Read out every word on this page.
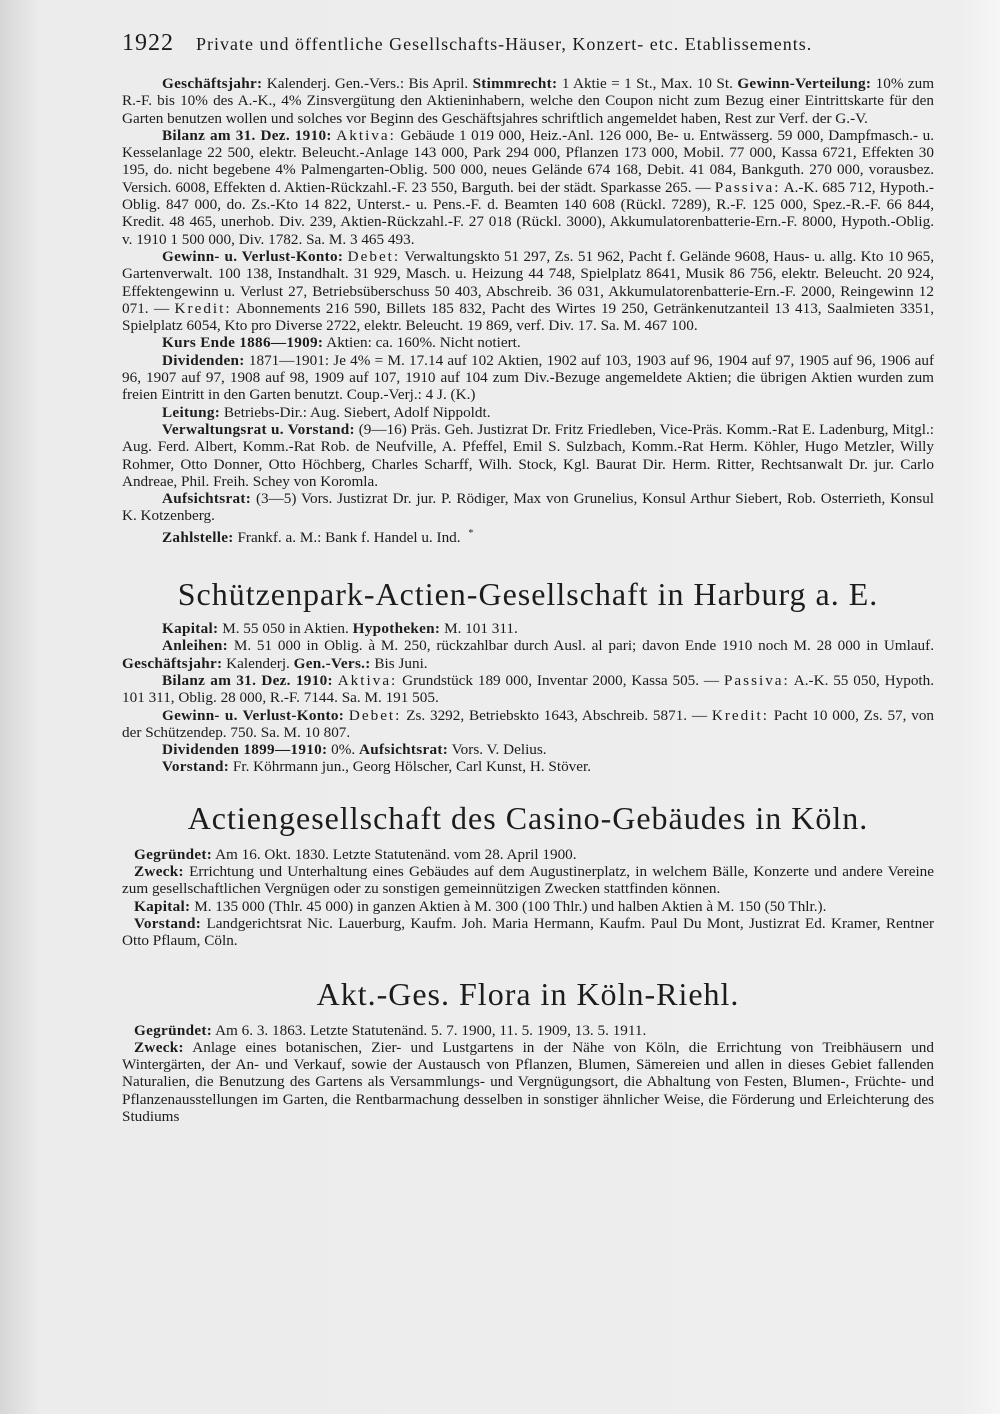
1922 Private und öffentliche Gesellschafts-Häuser, Konzert- etc. Etablissements.

Geschäftsjahr: Kalenderj. Gen.-Vers.: Bis April. Stimmrecht: 1 Aktie = 1 St., Max. 10 St. Gewinn-Verteilung: 10% zum R.-F. bis 10% des A.-K., 4% Zinsvergütung den Aktieninhabern, welche den Coupon nicht zum Bezug einer Eintrittskarte für den Garten benutzen wollen und solches vor Beginn des Geschäftsjahres schriftlich angemeldet haben, Rest zur Verf. der G.-V.

Bilanz am 31. Dez. 1910: Aktiva: Gebäude 1 019 000, Heiz.-Anl. 126 000, Be- u. Entwässerg. 59 000, Dampfmasch.- u. Kesselanlage 22 500, elektr. Beleucht.-Anlage 143 000, Park 294 000, Pflanzen 173 000, Mobil. 77 000, Kassa 6721, Effekten 30 195, do. nicht begebene 4% Palmengarten-Oblig. 500 000, neues Gelände 674 168, Debit. 41 084, Bankguth. 270 000, vorausbez. Versich. 6008, Effekten d. Aktien-Rückzahl.-F. 23 550, Barguth. bei der städt. Sparkasse 265. — Passiva: A.-K. 685 712, Hypoth.-Oblig. 847 000, do. Zs.-Kto 14 822, Unterst.- u. Pens.-F. d. Beamten 140 608 (Rückl. 7289), R.-F. 125 000, Spez.-R.-F. 66 844, Kredit. 48 465, unerhob. Div. 239, Aktien-Rückzahl.-F. 27 018 (Rückl. 3000), Akkumulatorenbatterie-Ern.-F. 8000, Hypoth.-Oblig. v. 1910 1 500 000, Div. 1782. Sa. M. 3 465 493.

Gewinn- u. Verlust-Konto: Debet: Verwaltungskto 51 297, Zs. 51 962, Pacht f. Gelände 9608, Haus- u. allg. Kto 10 965, Gartenverwalt. 100 138, Instandhalt. 31 929, Masch. u. Heizung 44 748, Spielplatz 8641, Musik 86 756, elektr. Beleucht. 20 924, Effektengewinn u. Verlust 27, Betriebsüberschuss 50 403, Abschreib. 36 031, Akkumulatorenbatterie-Ern.-F. 2000, Reingewinn 12 071. — Kredit: Abonnements 216 590, Billets 185 832, Pacht des Wirtes 19 250, Getränkenutzanteil 13 413, Saalmieten 3351, Spielplatz 6054, Kto pro Diverse 2722, elektr. Beleucht. 19 869, verf. Div. 17. Sa. M. 467 100.

Kurs Ende 1886—1909: Aktien: ca. 160%. Nicht notiert.

Dividenden: 1871—1901: Je 4% = M. 17.14 auf 102 Aktien, 1902 auf 103, 1903 auf 96, 1904 auf 97, 1905 auf 96, 1906 auf 96, 1907 auf 97, 1908 auf 98, 1909 auf 107, 1910 auf 104 zum Div.-Bezuge angemeldete Aktien; die übrigen Aktien wurden zum freien Eintritt in den Garten benutzt. Coup.-Verj.: 4 J. (K.)

Leitung: Betriebs-Dir.: Aug. Siebert, Adolf Nippoldt.

Verwaltungsrat u. Vorstand: (9—16) Präs. Geh. Justizrat Dr. Fritz Friedleben, Vice-Präs. Komm.-Rat E. Ladenburg, Mitgl.: Aug. Ferd. Albert, Komm.-Rat Rob. de Neufville, A. Pfeffel, Emil S. Sulzbach, Komm.-Rat Herm. Köhler, Hugo Metzler, Willy Rohmer, Otto Donner, Otto Höchberg, Charles Scharff, Wilh. Stock, Kgl. Baurat Dir. Herm. Ritter, Rechtsanwalt Dr. jur. Carlo Andreae, Phil. Freih. Schey von Koromla.

Aufsichtsrat: (3—5) Vors. Justizrat Dr. jur. P. Rödiger, Max von Grunelius, Konsul Arthur Siebert, Rob. Osterrieth, Konsul K. Kotzenberg.

Zahlstelle: Frankf. a. M.: Bank f. Handel u. Ind. *

Schützenpark-Actien-Gesellschaft in Harburg a. E.

Kapital: M. 55 050 in Aktien. Hypotheken: M. 101 311.

Anleihen: M. 51 000 in Oblig. à M. 250, rückzahlbar durch Ausl. al pari; davon Ende 1910 noch M. 28 000 in Umlauf. Geschäftsjahr: Kalenderj. Gen.-Vers.: Bis Juni.

Bilanz am 31. Dez. 1910: Aktiva: Grundstück 189 000, Inventar 2000, Kassa 505. — Passiva: A.-K. 55 050, Hypoth. 101 311, Oblig. 28 000, R.-F. 7144. Sa. M. 191 505.

Gewinn- u. Verlust-Konto: Debet: Zs. 3292, Betriebskto 1643, Abschreib. 5871. — Kredit: Pacht 10 000, Zs. 57, von der Schützendep. 750. Sa. M. 10 807.

Dividenden 1899—1910: 0%. Aufsichtsrat: Vors. V. Delius.

Vorstand: Fr. Köhrmann jun., Georg Hölscher, Carl Kunst, H. Stöver.

Actiengesellschaft des Casino-Gebäudes in Köln.

Gegründet: Am 16. Okt. 1830. Letzte Statutenänd. vom 28. April 1900.

Zweck: Errichtung und Unterhaltung eines Gebäudes auf dem Augustinerplatz, in welchem Bälle, Konzerte und andere Vereine zum gesellschaftlichen Vergnügen oder zu sonstigen gemeinnützigen Zwecken stattfinden können.

Kapital: M. 135 000 (Thlr. 45 000) in ganzen Aktien à M. 300 (100 Thlr.) und halben Aktien à M. 150 (50 Thlr.).

Vorstand: Landgerichtsrat Nic. Lauerburg, Kaufm. Joh. Maria Hermann, Kaufm. Paul Du Mont, Justizrat Ed. Kramer, Rentner Otto Pflaum, Cöln.

Akt.-Ges. Flora in Köln-Riehl.

Gegründet: Am 6. 3. 1863. Letzte Statutenänd. 5. 7. 1900, 11. 5. 1909, 13. 5. 1911.

Zweck: Anlage eines botanischen, Zier- und Lustgartens in der Nähe von Köln, die Errichtung von Treibhäusern und Wintergärten, der An- und Verkauf, sowie der Austausch von Pflanzen, Blumen, Sämereien und allen in dieses Gebiet fallenden Naturalien, die Benutzung des Gartens als Versammlungs- und Vergnügungsort, die Abhaltung von Festen, Blumen-, Früchte- und Pflanzenausstellungen im Garten, die Rentbarmachung desselben in sonstiger ähnlicher Weise, die Förderung und Erleichterung des Studiums
